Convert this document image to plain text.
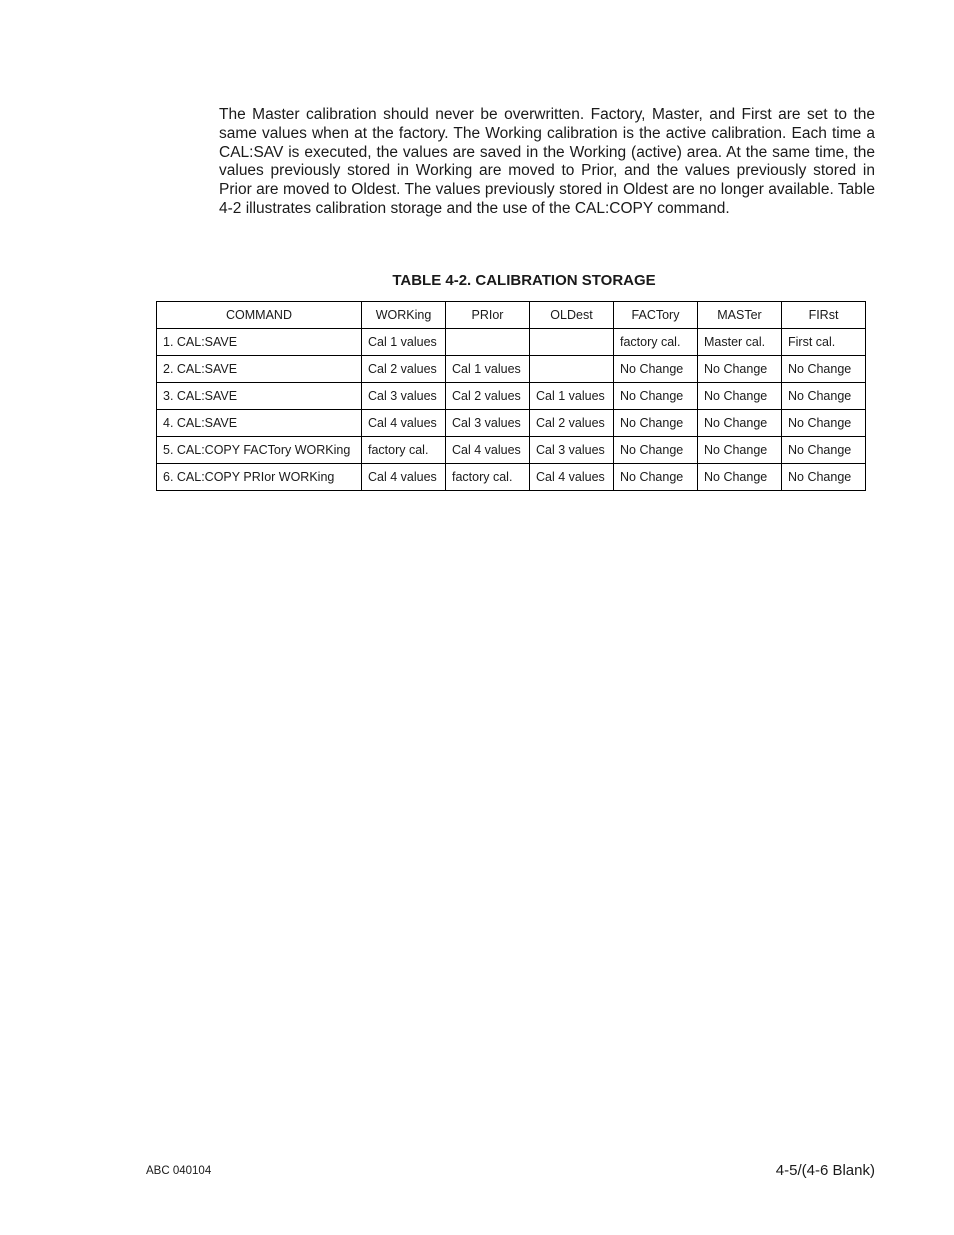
The Master calibration should never be overwritten. Factory, Master, and First are set to the same values when at the factory. The Working calibration is the active calibration. Each time a CAL:SAV is executed, the values are saved in the Working (active) area. At the same time, the values previously stored in Working are moved to Prior, and the values previously stored in Prior are moved to Oldest. The values previously stored in Oldest are no longer available. Table 4-2 illustrates calibration storage and the use of the CAL:COPY command.

TABLE 4-2. CALIBRATION STORAGE
COMMAND	WORKing	PRIor	OLDest	FACTory	MASTer	FIRst
1. CAL:SAVE	Cal 1 values			factory cal.	Master cal.	First cal.
2. CAL:SAVE	Cal 2 values	Cal 1 values		No Change	No Change	No Change
3. CAL:SAVE	Cal 3 values	Cal 2 values	Cal 1 values	No Change	No Change	No Change
4. CAL:SAVE	Cal 4 values	Cal 3 values	Cal 2 values	No Change	No Change	No Change
5. CAL:COPY FACTory WORKing	factory cal.	Cal 4 values	Cal 3 values	No Change	No Change	No Change
6. CAL:COPY PRIor WORKing	Cal 4 values	factory cal.	Cal 4 values	No Change	No Change	No Change
ABC 040104	4-5/(4-6 Blank)
